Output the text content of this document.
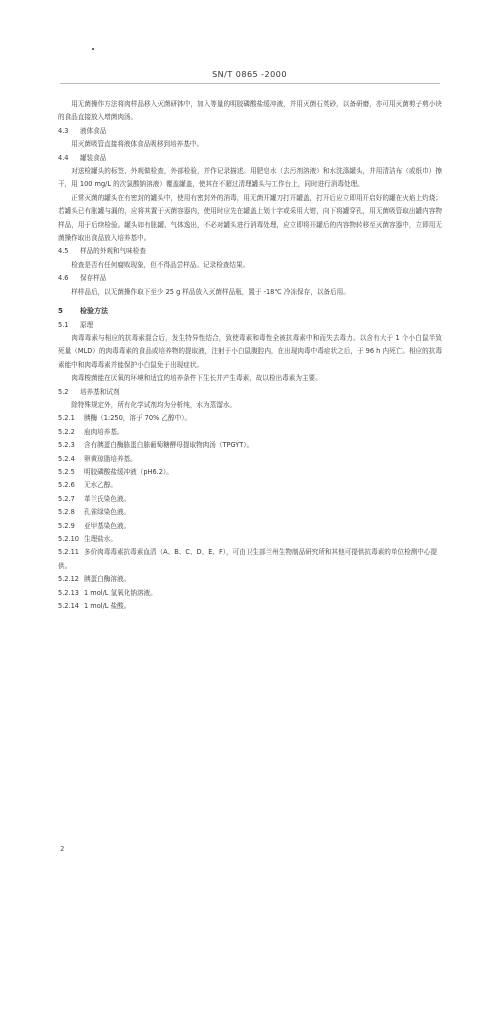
SN/T 0865 -2000

用无菌操作方法将肉样品移入灭菌研钵中，加入等量的明胶磷酸盐缓冲液，并用灭菌石英砂，以备研磨，亦可用灭菌剪子剪小块的食品直接放入增菌肉汤。

4.3 液体食品

用灭菌吸管直接将液体食品吸移到培养基中。

4.4 罐装食品

对送检罐头的标签、外观做检查，外部检验，并作记录描述。用肥皂水（去污剂溶液）和水洗涤罐头，并用清洁布（或纸巾）擦干，用 100 mg/L 的次氯酸钠溶液）覆盖罐盖，使其在不超过清理罐头与工作台上，同时进行消毒处理。

正常灭菌的罐头在有密封的罐头中，使用有密封外的消毒，用无菌开罐刀打开罐盖，打开后应立即用开启好的罐在火焰上灼烧；若罐头已有胀罐与漏的，应将其置于灭菌容器内，使用时应先在罐盖上划十字或采用大钳，向下将罐穿孔，用无菌吸管取出罐内容物样品，用于后续检验。罐头如有胀罐、气体逸出，不必对罐头进行消毒处理，应立即将开罐后的内容物转移至灭菌容器中，立即用无菌操作取出食品放入培养基中。

4.5 样品的外观和气味检查

检查是否有任何腐败现象，但不得品尝样品。记录检查结果。

4.6 保存样品

样样品后，以无菌操作取下至少 25 g 样品放入灭菌样品瓶，置于 -18℃ 冷冻保存，以备后用。

5 检验方法

5.1 原理

肉毒毒素与相应的抗毒素混合后，发生特异性结合，致使毒素和毒性全被抗毒素中和而失去毒力。以含有大于 1 个小白鼠半致死量（MLD）的肉毒毒素的食品或培养物的提取液，注射于小白鼠腹腔内，在出现肉毒中毒症状之后，于 96 h 内死亡。相应的抗毒素能中和肉毒毒素并能保护小白鼠免于出现症状。

肉毒梭菌能在厌氧的环境和适宜的培养条件下生长并产生毒素，故以检出毒素为主要。

5.2 培养基和试剂

除特殊规定外，所有化学试剂均为分析纯，水为蒸馏水。

5.2.1 胰酶（1:250，溶于 70% 乙醇中）。

5.2.2 庖肉培养基。

5.2.3 含有胰蛋白酶胨蛋白胨葡萄糖酵母提取物肉汤（TPGYT）。

5.2.4 卵黄琼脂培养基。

5.2.5 明胶磷酸盐缓冲液（pH6.2）。

5.2.6 无水乙醇。

5.2.7 革兰氏染色液。

5.2.8 孔雀绿染色液。

5.2.9 亚甲基染色液。

5.2.10 生理盐水。

5.2.11 多价肉毒毒素抗毒素血清（A、B、C、D、E、F），可由卫生部兰州生物制品研究所和其他可提供抗毒素的单位检测中心提供。

5.2.12 胰蛋白酶溶液。

5.2.13 1 mol/L 氢氧化钠溶液。

5.2.14 1 mol/L 盐酸。

2
